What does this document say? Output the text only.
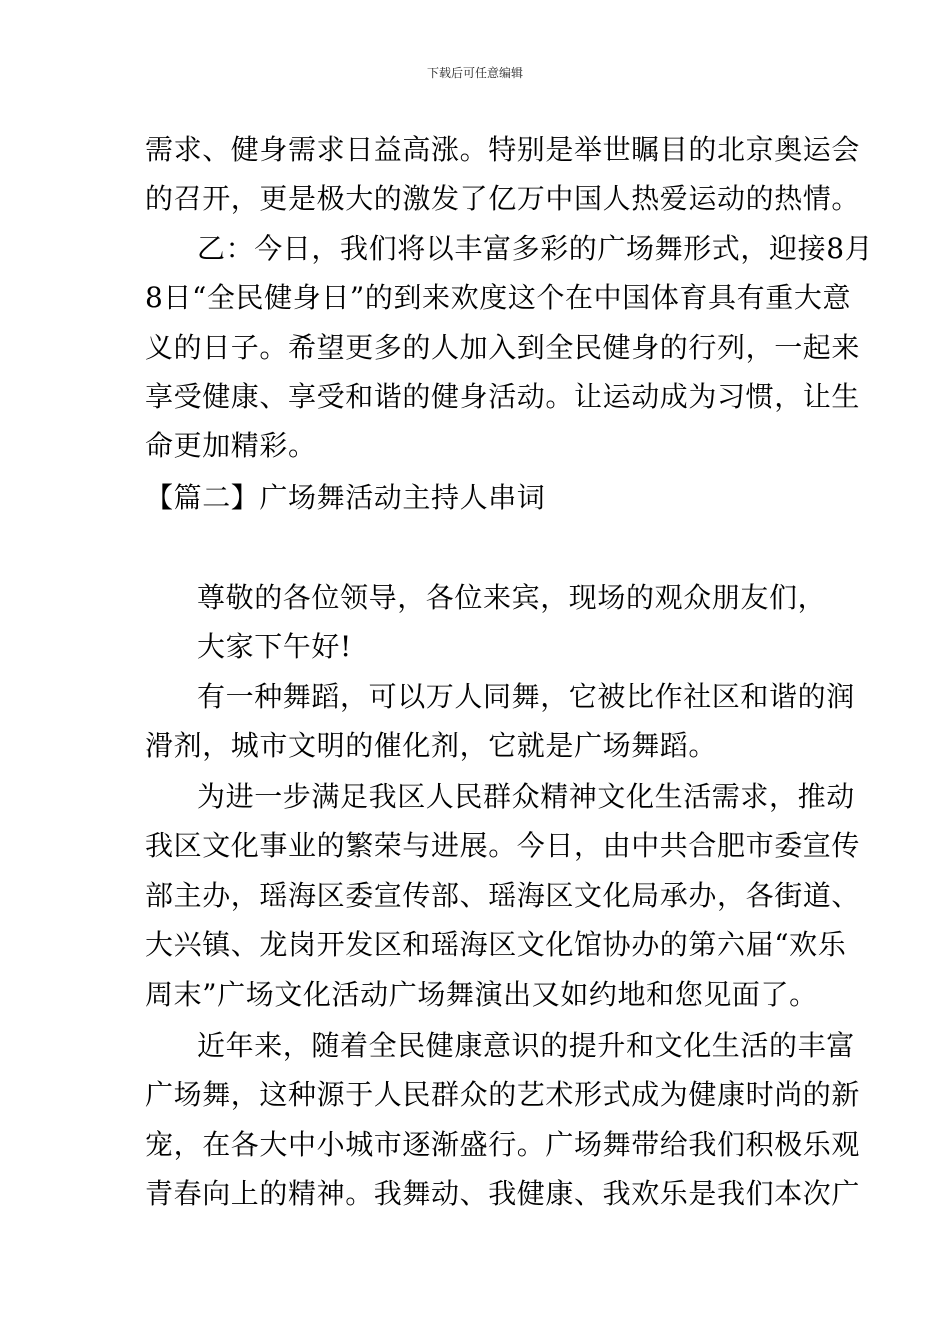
下载后可任意编辑
需求、健身需求日益高涨。特别是举世瞩目的北京奥运会
的召开，更是极大的激发了亿万中国人热爱运动的热情。
乙：今日，我们将以丰富多彩的广场舞形式，迎接8月
8日“全民健身日”的到来欢度这个在中国体育具有重大意
义的日子。希望更多的人加入到全民健身的行列，一起来
享受健康、享受和谐的健身活动。让运动成为习惯，让生
命更加精彩。
【篇二】广场舞活动主持人串词
尊敬的各位领导，各位来宾，现场的观众朋友们，
大家下午好!
有一种舞蹈，可以万人同舞，它被比作社区和谐的润
滑剂，城市文明的催化剂，它就是广场舞蹈。
为进一步满足我区人民群众精神文化生活需求，推动
我区文化事业的繁荣与进展。今日，由中共合肥市委宣传
部主办，瑶海区委宣传部、瑶海区文化局承办，各街道、
大兴镇、龙岗开发区和瑶海区文化馆协办的第六届“欢乐
周末”广场文化活动广场舞演出又如约地和您见面了。
近年来，随着全民健康意识的提升和文化生活的丰富
广场舞，这种源于人民群众的艺术形式成为健康时尚的新
宠，在各大中小城市逐渐盛行。广场舞带给我们积极乐观
青春向上的精神。我舞动、我健康、我欢乐是我们本次广
